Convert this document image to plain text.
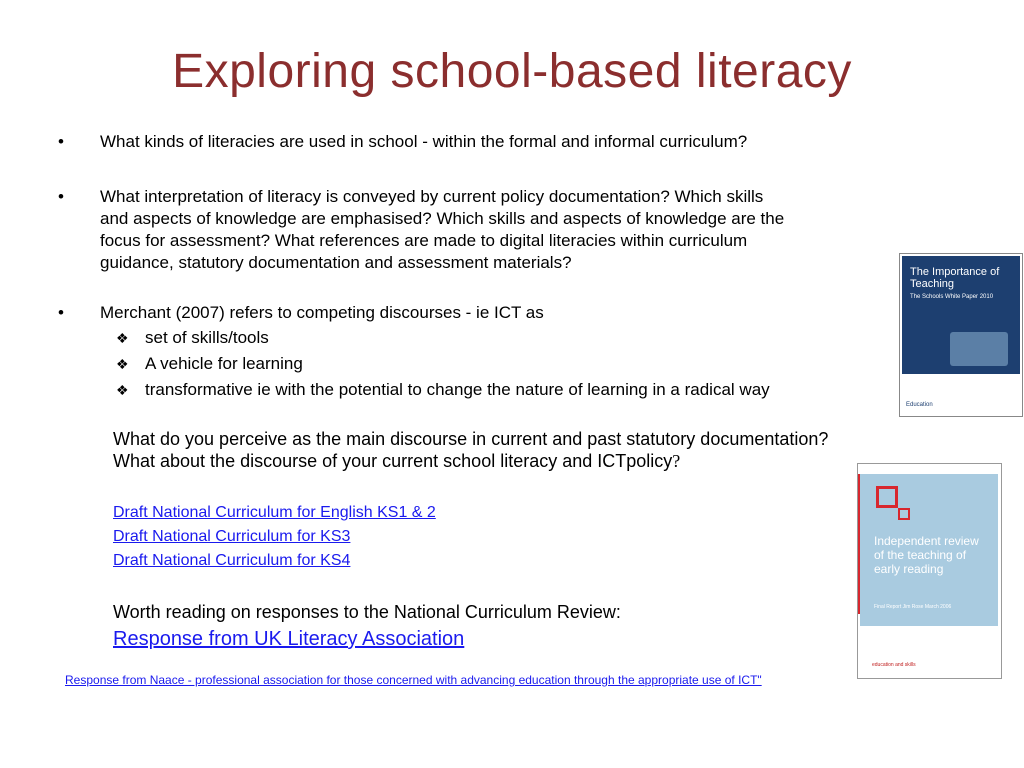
Exploring school-based literacy
•	What kinds of literacies are used in school - within the formal and informal curriculum?
•	What interpretation of literacy is conveyed by current policy documentation? Which skills
and aspects of knowledge are emphasised? Which skills and aspects of knowledge are the
focus for assessment? What references are made to digital literacies within curriculum
guidance, statutory documentation and assessment materials?
•	Merchant (2007) refers to competing discourses - ie ICT as
❖ set of skills/tools
❖ A vehicle for learning
❖ transformative ie with the potential to change the nature of learning in a radical way
What do you perceive as the main discourse in current and past statutory documentation?
What about the discourse of your current school literacy and ICTpolicy?
Draft National Curriculum for English KS1 & 2
Draft National Curriculum for KS3
Draft National Curriculum for KS4
Worth reading on responses to the National Curriculum Review:
Response from UK Literacy Association
Response from Naace - professional association for those concerned with advancing education through the appropriate use of ICT"
The Importance of Teaching
The Schools White Paper 2010
Education
Independent review of the teaching of early reading
Final Report Jim Rose March 2006
education and skills
